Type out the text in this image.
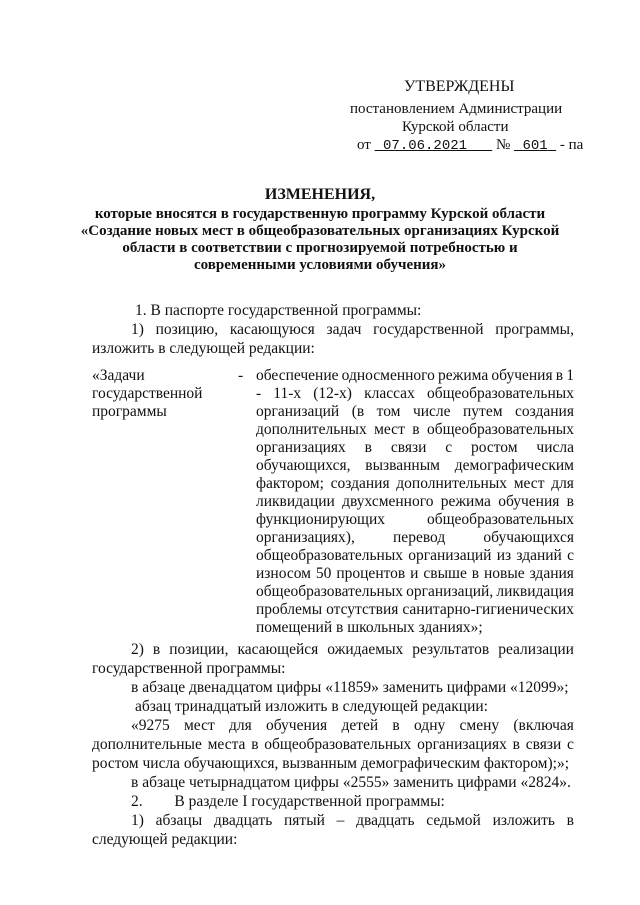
УТВЕРЖДЕНЫ
постановлением Администрации
Курской области
от 07.06.2021 № 601 - па
ИЗМЕНЕНИЯ,
которые вносятся в государственную программу Курской области
«Создание новых мест в общеобразовательных организациях Курской
области в соответствии с прогнозируемой потребностью и
современными условиями обучения»
1. В паспорте государственной программы:
1) позицию, касающуюся задач государственной программы,
изложить в следующей редакции:
«Задачи
государственной
программы
- обеспечение односменного режима обучения в 1
- 11-х (12-х) классах общеобразовательных
организаций (в том числе путем создания
дополнительных мест в общеобразовательных
организациях в связи с ростом числа
обучающихся, вызванным демографическим
фактором; создания дополнительных мест для
ликвидации двухсменного режима обучения в
функционирующих	общеобразовательных
организациях), перевод обучающихся
общеобразовательных организаций из зданий с
износом 50 процентов и свыше в новые здания
общеобразовательных организаций, ликвидация
проблемы отсутствия санитарно-гигиенических
помещений в школьных зданиях»;
2) в позиции, касающейся ожидаемых результатов реализации
государственной программы:
в абзаце двенадцатом цифры «11859» заменить цифрами «12099»;
абзац тринадцатый изложить в следующей редакции:
«9275 мест для обучения детей в одну смену (включая
дополнительные места в общеобразовательных организациях в связи с
ростом числа обучающихся, вызванным демографическим фактором);»;
в абзаце четырнадцатом цифры «2555» заменить цифрами «2824».
2. В разделе I государственной программы:
1) абзацы двадцать пятый – двадцать седьмой изложить в
следующей редакции:
